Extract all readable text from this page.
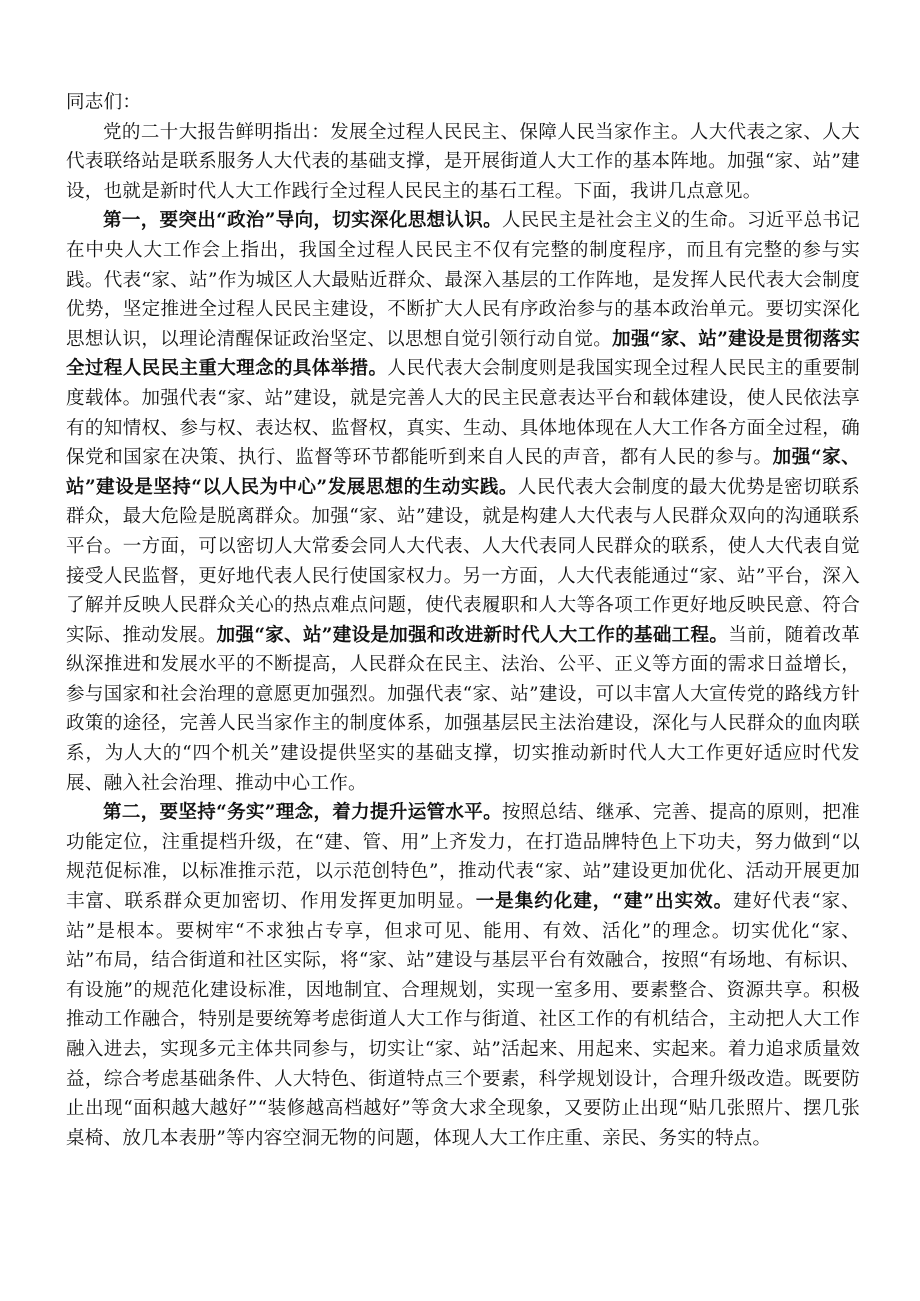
同志们：

党的二十大报告鲜明指出：发展全过程人民民主、保障人民当家作主。人大代表之家、人大代表联络站是联系服务人大代表的基础支撑，是开展街道人大工作的基本阵地。加强“家、站”建设，也就是新时代人大工作践行全过程人民民主的基石工程。下面，我讲几点意见。

第一，要突出“政治”导向，切实深化思想认识。人民民主是社会主义的生命。习近平总书记在中央人大工作会上指出，我国全过程人民民主不仅有完整的制度程序，而且有完整的参与实践。代表“家、站”作为城区人大最贴近群众、最深入基层的工作阵地，是发挥人民代表大会制度优势，坚定推进全过程人民民主建设，不断扩大人民有序政治参与的基本政治单元。要切实深化思想认识，以理论清醒保证政治坚定、以思想自觉引领行动自觉。加强“家、站”建设是贯彻落实全过程人民民主重大理念的具体举措。人民代表大会制度则是我国实现全过程人民民主的重要制度载体。加强代表“家、站”建设，就是完善人大的民主民意表达平台和载体建设，使人民依法享有的知情权、参与权、表达权、监督权，真实、生动、具体地体现在人大工作各方面全过程，确保党和国家在决策、执行、监督等环节都能听到来自人民的声音，都有人民的参与。加强“家、站”建设是坚持“以人民为中心”发展思想的生动实践。人民代表大会制度的最大优势是密切联系群众，最大危险是脱离群众。加强“家、站”建设，就是构建人大代表与人民群众双向的沟通联系平台。一方面，可以密切人大常委会同人大代表、人大代表同人民群众的联系，使人大代表自觉接受人民监督，更好地代表人民行使国家权力。另一方面，人大代表能通过“家、站”平台，深入了解并反映人民群众关心的热点难点问题，使代表履职和人大等各项工作更好地反映民意、符合实际、推动发展。加强“家、站”建设是加强和改进新时代人大工作的基础工程。当前，随着改革纵深推进和发展水平的不断提高，人民群众在民主、法治、公平、正义等方面的需求日益增长，参与国家和社会治理的意愿更加强烈。加强代表“家、站”建设，可以丰富人大宣传党的路线方针政策的途径，完善人民当家作主的制度体系，加强基层民主法治建设，深化与人民群众的血肉联系，为人大的“四个机关”建设提供坚实的基础支撑，切实推动新时代人大工作更好适应时代发展、融入社会治理、推动中心工作。

第二，要坚持“务实”理念，着力提升运管水平。按照总结、继承、完善、提高的原则，把准功能定位，注重提档升级，在“建、管、用”上齐发力，在打造品牌特色上下功夫，努力做到“以规范促标准，以标准推示范，以示范创特色”，推动代表“家、站”建设更加优化、活动开展更加丰富、联系群众更加密切、作用发挥更加明显。一是集约化建，“建”出实效。建好代表“家、站”是根本。要树牢“不求独占专享，但求可见、能用、有效、活化”的理念。切实优化“家、站”布局，结合街道和社区实际，将“家、站”建设与基层平台有效融合，按照“有场地、有标识、有设施”的规范化建设标准，因地制宜、合理规划，实现一室多用、要素整合、资源共享。积极推动工作融合，特别是要统筹考虑街道人大工作与街道、社区工作的有机结合，主动把人大工作融入进去，实现多元主体共同参与，切实让“家、站”活起来、用起来、实起来。着力追求质量效益，综合考虑基础条件、人大特色、街道特点三个要素，科学规划设计，合理升级改造。既要防止出现“面积越大越好”“装修越高档越好”等贪大求全现象，又要防止出现“贴几张照片、摆几张桌椅、放几本表册”等内容空洞无物的问题，体现人大工作庄重、亲民、务实的特点。
